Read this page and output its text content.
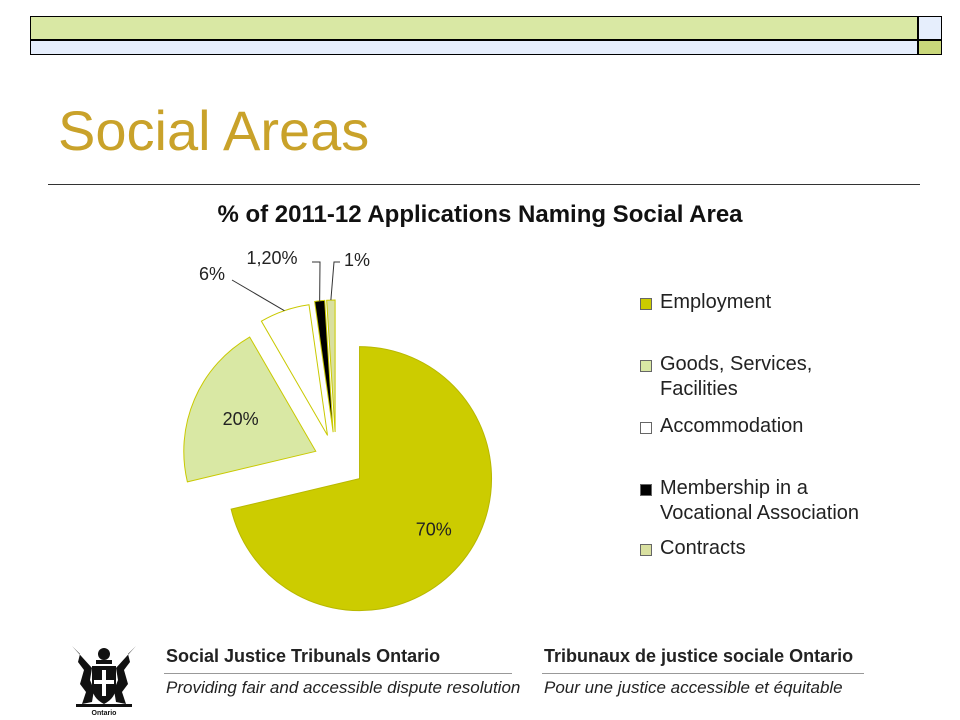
Social Areas
% of 2011-12 Applications Naming Social Area
70%
20%
6%
1,20%	1%
Employment
Goods, Services,
Facilities
Accommodation
Membership in a
Vocational Association
Contracts
Ontario
Social Justice Tribunals Ontario
Providing fair and accessible dispute resolution
Tribunaux de justice sociale Ontario
Pour une justice accessible et équitable
